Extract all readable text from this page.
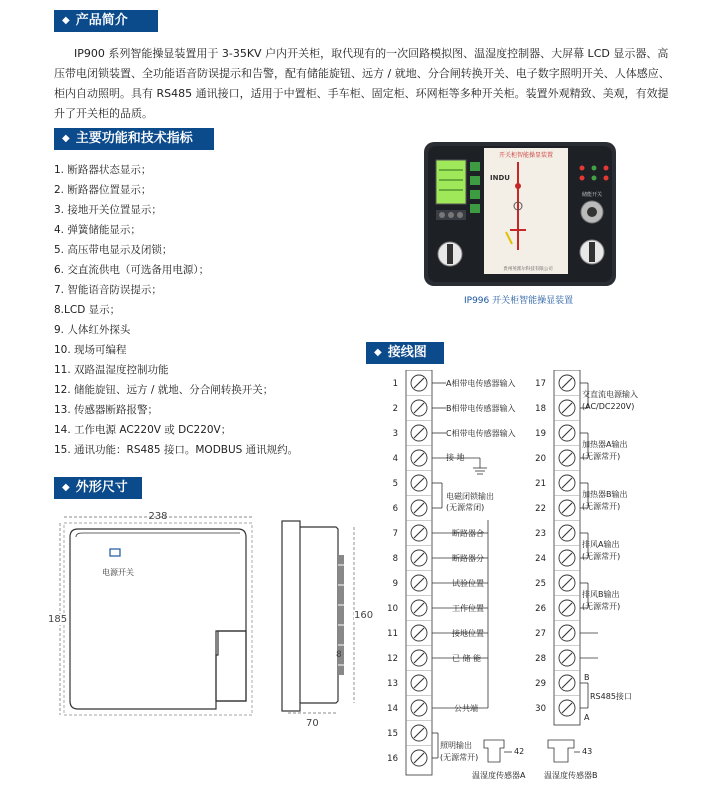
◆ 产品简介
IP900 系列智能操显装置用于 3-35KV 户内开关柜，取代现有的一次回路模拟图、温湿度控制器、大屏幕 LCD 显示器、高压带电闭锁装置、全功能语音防误提示和告警，配有储能旋钮、远方 / 就地、分合闸转换开关、电子数字照明开关、人体感应、柜内自动照明。具有 RS485 通讯接口，适用于中置柜、手车柜、固定柜、环网柜等多种开关柜。装置外观精致、美观，有效提升了开关柜的品质。
◆ 主要功能和技术指标
1. 断路器状态显示；
2. 断路器位置显示；
3. 接地开关位置显示；
4. 弹簧储能显示；
5. 高压带电显示及闭锁；
6. 交直流供电（可选备用电源）；
7. 智能语音防误提示；
8.LCD 显示；
9. 人体红外探头
10. 现场可编程
11. 双路温湿度控制功能
12. 储能旋钮、远方 / 就地、分合闸转换开关；
13. 传感器断路报警；
14. 工作电源 AC220V 或 DC220V；
15. 通讯功能：RS485 接口。MODBUS 通讯规约。
开关柜智能操显装置
INDU
贵州英派尔科技有限公司
储能开关
IP996 开关柜智能操显装置
◆ 外形尺寸
238
电源开关
185	160
8
70
◆ 接线图
1
2
3
4
5
6
7
8
9
10
11
12
13
14
15
16
17
18
19
20
21
22
23
24
25
26
27
28
29
30
A相带电传感器输入
B相带电传感器输入
C相带电传感器输入
接 地
电磁闭锁输出
(无源常闭)
断路器合
断路器分
试验位置
工作位置
接地位置
已 储 能
公共端
照明输出
(无源常开)
42
温湿度传感器A
43
温湿度传感器B
交直流电源输入
(AC/DC220V)
加热器A输出
(无源常开)
加热器B输出
(无源常开)
排风A输出
(无源常开)
排风B输出
(无源常开)
B
RS485接口
A
